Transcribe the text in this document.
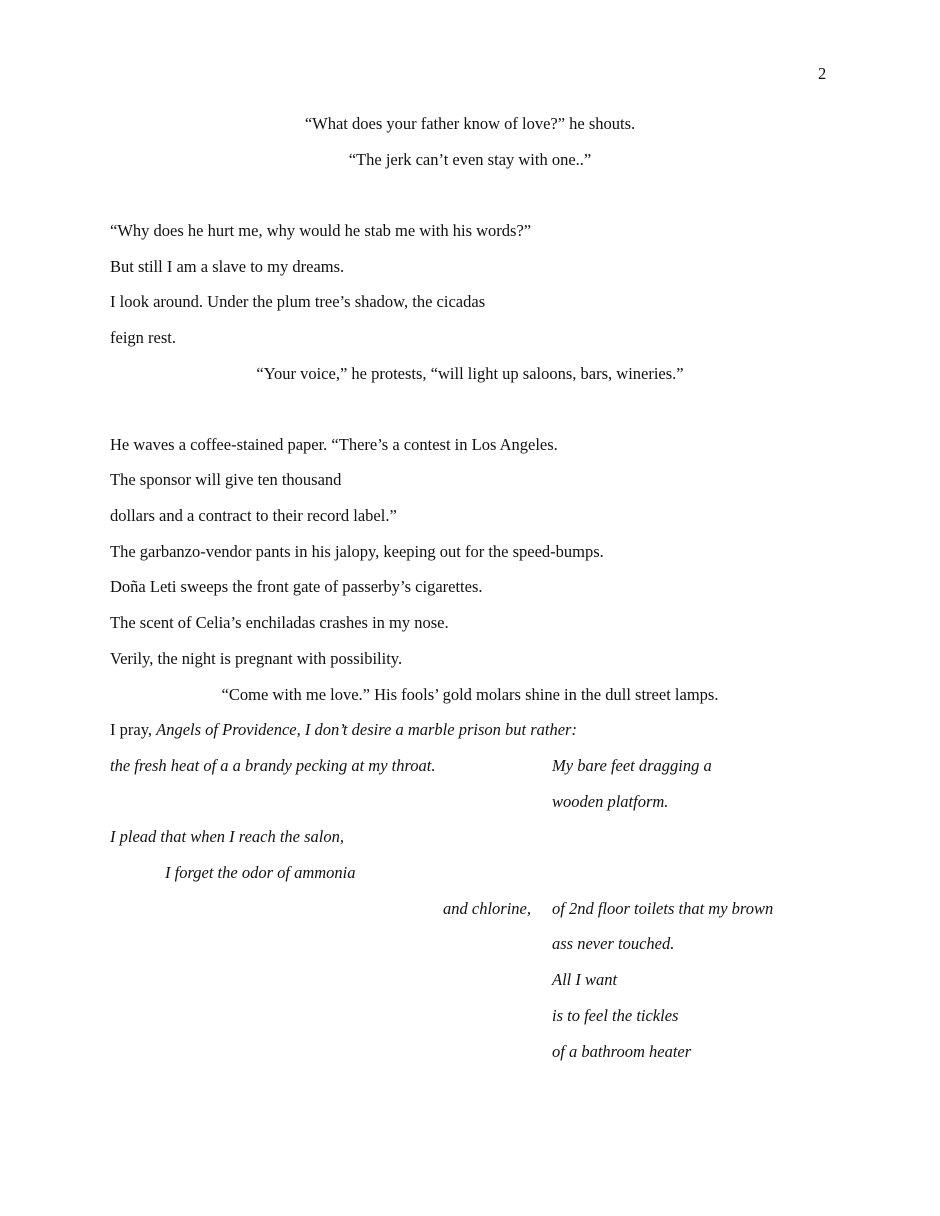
2
“What does your father know of love?” he shouts.
“The jerk can’t even stay with one..”
“Why does he hurt me, why would he stab me with his words?”
But still I am a slave to my dreams.
I look around. Under the plum tree’s shadow, the cicadas
feign rest.
“Your voice,” he protests, “will light up saloons, bars, wineries.”
He waves a coffee-stained paper. “There’s a contest in Los Angeles.
The sponsor will give ten thousand
dollars and a contract to their record label.”
The garbanzo-vendor pants in his jalopy, keeping out for the speed-bumps.
Doña Leti sweeps the front gate of passerby’s cigarettes.
The scent of Celia’s enchiladas crashes in my nose.
Verily, the night is pregnant with possibility.
“Come with me love.” His fools’ gold molars shine in the dull street lamps.
I pray, Angels of Providence, I don’t desire a marble prison but rather:
the fresh heat of a a brandy pecking at my throat.	My bare feet dragging a
wooden platform.
I plead that when I reach the salon,
I forget the odor of ammonia
and chlorine, of 2nd floor toilets that my brown
ass never touched.
All I want
is to feel the tickles
of a bathroom heater
